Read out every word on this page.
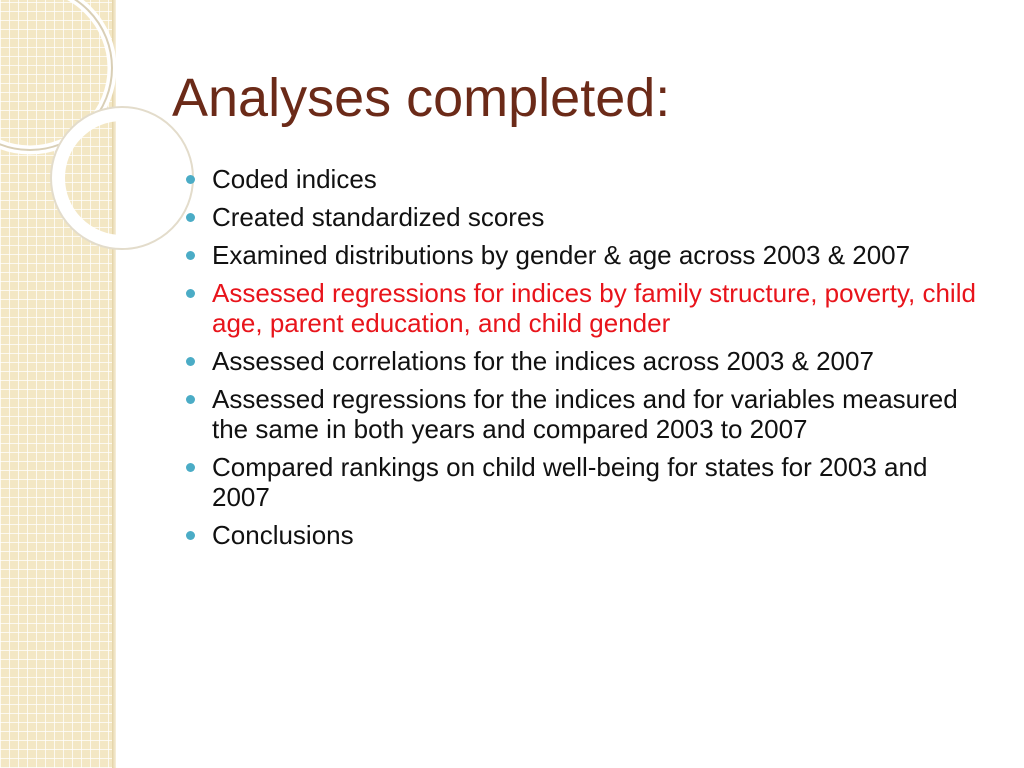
Analyses completed:
Coded indices
Created standardized scores
Examined distributions by gender & age across 2003 & 2007
Assessed regressions for indices by family structure, poverty, child age, parent education, and child gender
Assessed correlations for the indices across 2003 & 2007
Assessed regressions for the indices and for variables measured the same in both years and compared 2003 to 2007
Compared rankings on child well-being for states for 2003 and 2007
Conclusions
